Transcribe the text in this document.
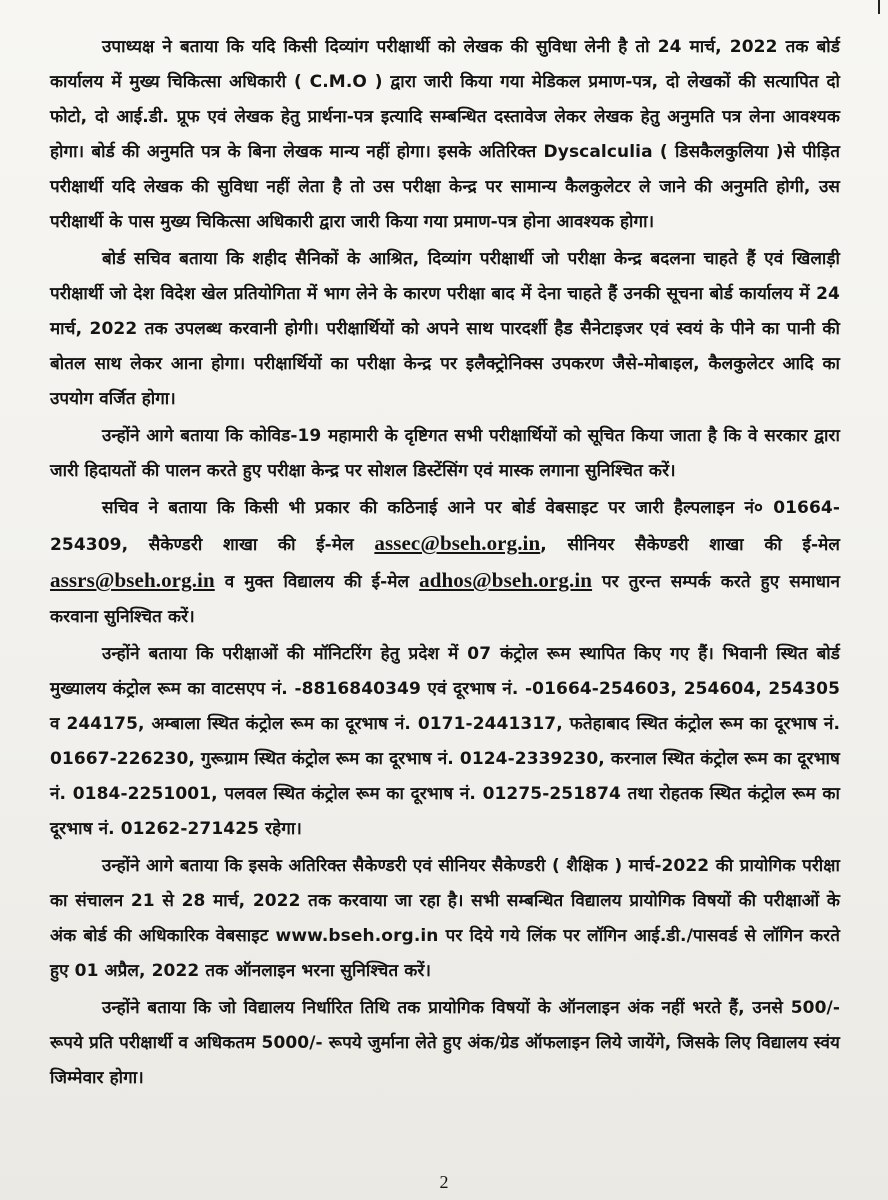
उपाध्यक्ष ने बताया कि यदि किसी दिव्यांग परीक्षार्थी को लेखक की सुविधा लेनी है तो 24 मार्च, 2022 तक बोर्ड कार्यालय में मुख्य चिकित्सा अधिकारी ( C.M.O ) द्वारा जारी किया गया मेडिकल प्रमाण-पत्र, दो लेखकों की सत्यापित दो फोटो, दो आई.डी. प्रूफ एवं लेखक हेतु प्रार्थना-पत्र इत्यादि सम्बन्धित दस्तावेज लेकर लेखक हेतु अनुमति पत्र लेना आवश्यक होगा। बोर्ड की अनुमति पत्र के बिना लेखक मान्य नहीं होगा। इसके अतिरिक्त Dyscalculia ( डिसकैलकुलिया )से पीड़ित परीक्षार्थी यदि लेखक की सुविधा नहीं लेता है तो उस परीक्षा केन्द्र पर सामान्य कैलकुलेटर ले जाने की अनुमति होगी, उस परीक्षार्थी के पास मुख्य चिकित्सा अधिकारी द्वारा जारी किया गया प्रमाण-पत्र होना आवश्यक होगा।

बोर्ड सचिव बताया कि शहीद सैनिकों के आश्रित, दिव्यांग परीक्षार्थी जो परीक्षा केन्द्र बदलना चाहते हैं एवं खिलाड़ी परीक्षार्थी जो देश विदेश खेल प्रतियोगिता में भाग लेने के कारण परीक्षा बाद में देना चाहते हैं उनकी सूचना बोर्ड कार्यालय में 24 मार्च, 2022 तक उपलब्ध करवानी होगी। परीक्षार्थियों को अपने साथ पारदर्शी हैड सैनेटाइजर एवं स्वयं के पीने का पानी की बोतल साथ लेकर आना होगा। परीक्षार्थियों का परीक्षा केन्द्र पर इलैक्ट्रोनिक्स उपकरण जैसे-मोबाइल, कैलकुलेटर आदि का उपयोग वर्जित होगा।

उन्होंने आगे बताया कि कोविड-19 महामारी के दृष्टिगत सभी परीक्षार्थियों को सूचित किया जाता है कि वे सरकार द्वारा जारी हिदायतों की पालन करते हुए परीक्षा केन्द्र पर सोशल डिस्टेंसिंग एवं मास्क लगाना सुनिश्चित करें।

सचिव ने बताया कि किसी भी प्रकार की कठिनाई आने पर बोर्ड वेबसाइट पर जारी हैल्पलाइन नं० 01664-254309, सैकेण्डरी शाखा की ई-मेल assec@bseh.org.in, सीनियर सैकेण्डरी शाखा की ई-मेल assrs@bseh.org.in व मुक्त विद्यालय की ई-मेल adhos@bseh.org.in पर तुरन्त सम्पर्क करते हुए समाधान करवाना सुनिश्चित करें।

उन्होंने बताया कि परीक्षाओं की मॉनिटरिंग हेतु प्रदेश में 07 कंट्रोल रूम स्थापित किए गए हैं। भिवानी स्थित बोर्ड मुख्यालय कंट्रोल रूम का वाटसएप नं. -8816840349 एवं दूरभाष नं. -01664-254603, 254604, 254305 व 244175, अम्बाला स्थित कंट्रोल रूम का दूरभाष नं. 0171-2441317, फतेहाबाद स्थित कंट्रोल रूम का दूरभाष नं. 01667-226230, गुरूग्राम स्थित कंट्रोल रूम का दूरभाष नं. 0124-2339230, करनाल स्थित कंट्रोल रूम का दूरभाष नं. 0184-2251001, पलवल स्थित कंट्रोल रूम का दूरभाष नं. 01275-251874 तथा रोहतक स्थित कंट्रोल रूम का दूरभाष नं. 01262-271425 रहेगा।

उन्होंने आगे बताया कि इसके अतिरिक्त सैकेण्डरी एवं सीनियर सैकेण्डरी ( शैक्षिक ) मार्च-2022 की प्रायोगिक परीक्षा का संचालन 21 से 28 मार्च, 2022 तक करवाया जा रहा है। सभी सम्बन्धित विद्यालय प्रायोगिक विषयों की परीक्षाओं के अंक बोर्ड की अधिकारिक वेबसाइट www.bseh.org.in पर दिये गये लिंक पर लॉगिन आई.डी./पासवर्ड से लॉगिन करते हुए 01 अप्रैल, 2022 तक ऑनलाइन भरना सुनिश्चित करें।

उन्होंने बताया कि जो विद्यालय निर्धारित तिथि तक प्रायोगिक विषयों के ऑनलाइन अंक नहीं भरते हैं, उनसे 500/- रूपये प्रति परीक्षार्थी व अधिकतम 5000/- रूपये जुर्माना लेते हुए अंक/ग्रेड ऑफलाइन लिये जायेंगे, जिसके लिए विद्यालय स्वंय जिम्मेवार होगा।

2
